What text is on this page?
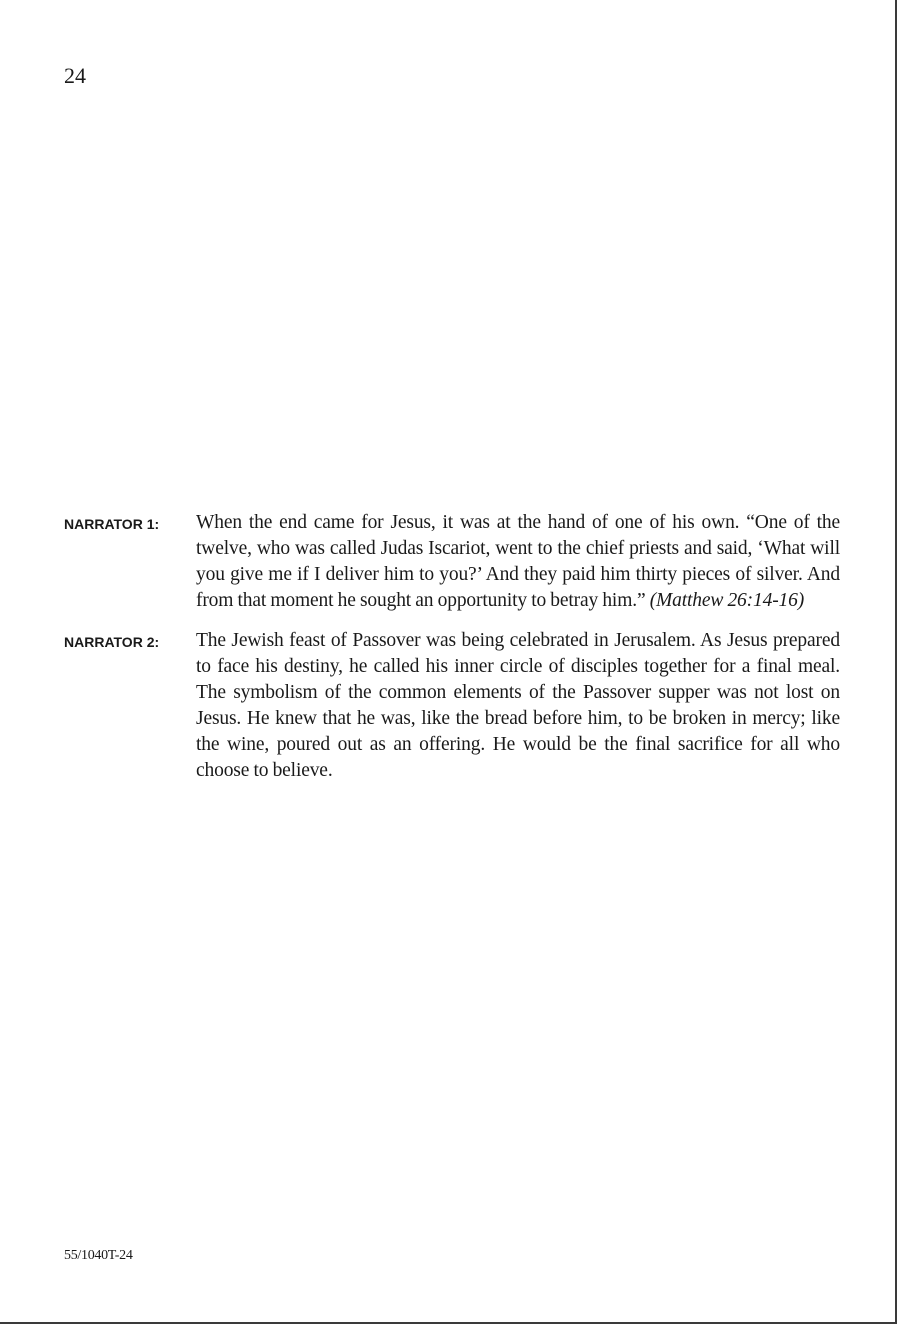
24
NARRATOR 1:	When the end came for Jesus, it was at the hand of one of his own. “One of the twelve, who was called Judas Iscariot, went to the chief priests and said, ‘What will you give me if I deliver him to you?’ And they paid him thirty pieces of silver. And from that moment he sought an opportunity to betray him.” (Matthew 26:14-16)
NARRATOR 2:	The Jewish feast of Passover was being celebrated in Jerusalem. As Jesus prepared to face his destiny, he called his inner circle of disciples together for a final meal. The symbolism of the common elements of the Passover supper was not lost on Jesus. He knew that he was, like the bread before him, to be broken in mercy; like the wine, poured out as an offering. He would be the final sacrifice for all who choose to believe.
55/1040T-24
